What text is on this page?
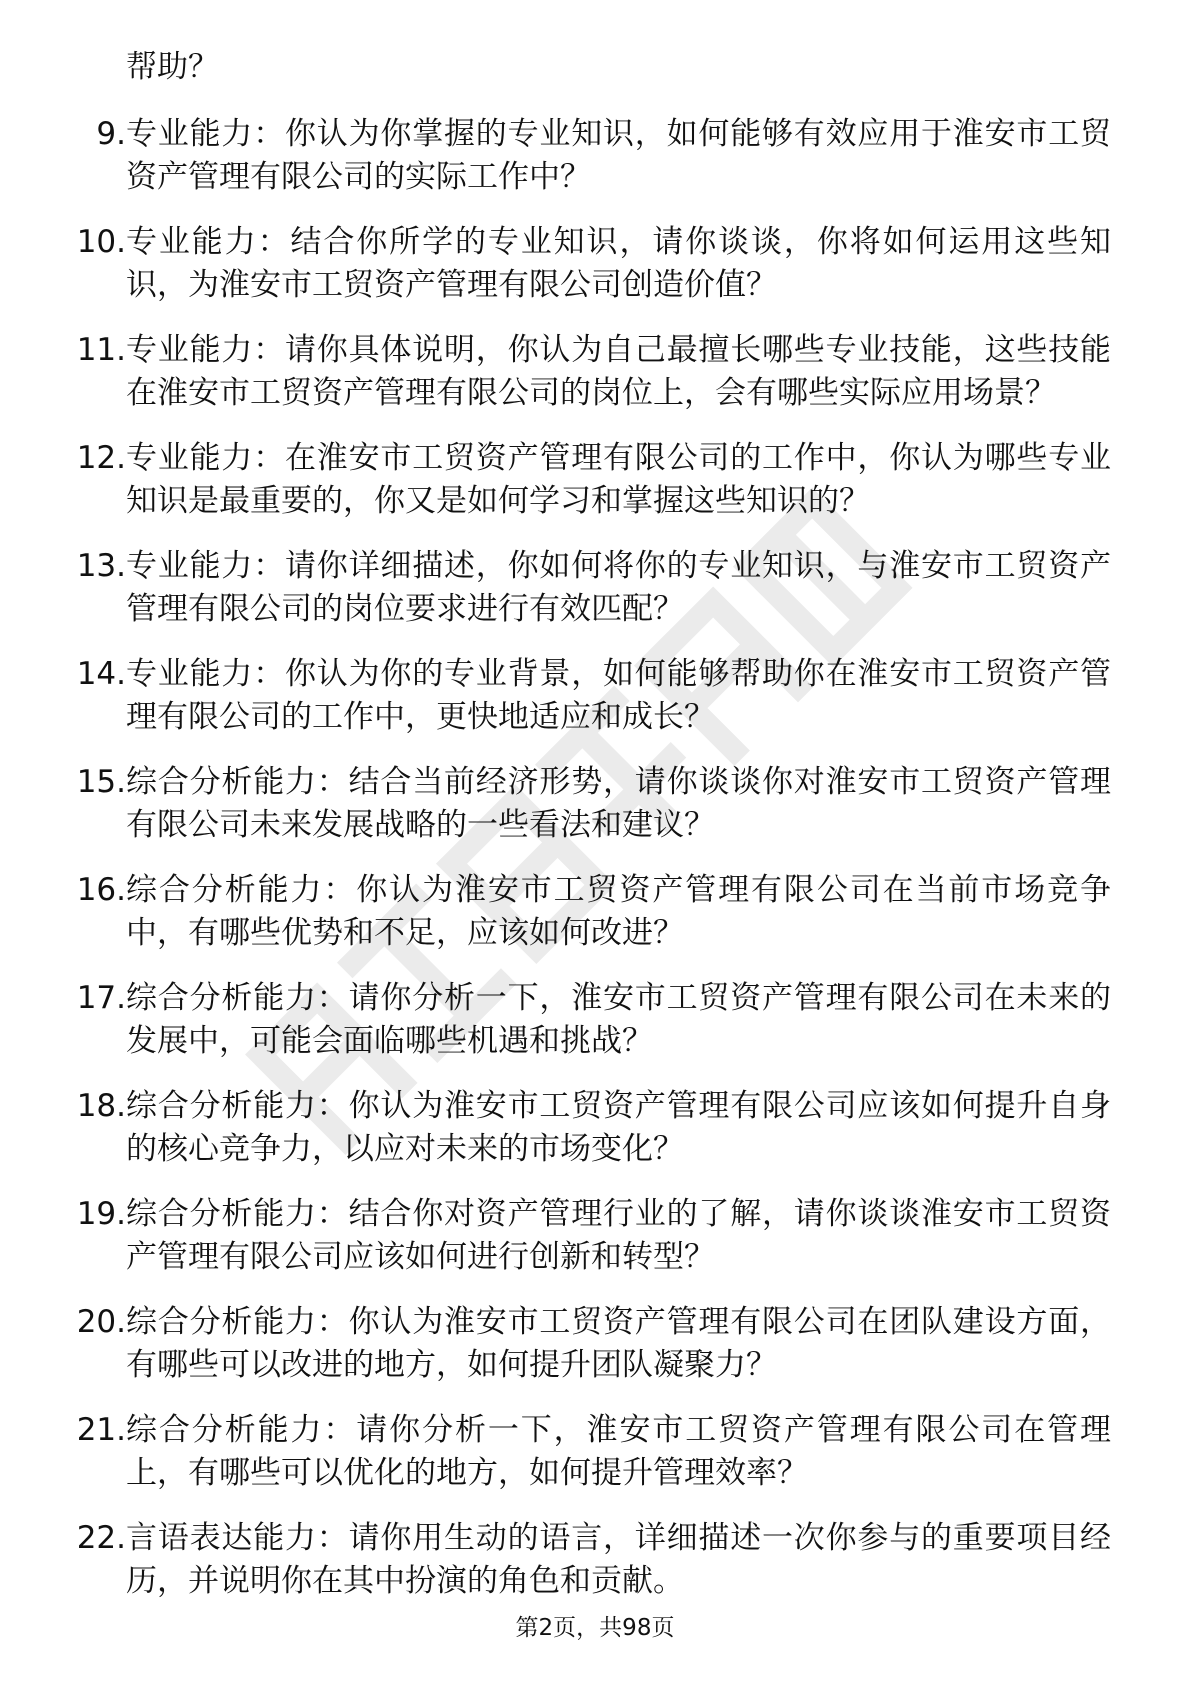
帮助？
9. 专业能力：你认为你掌握的专业知识，如何能够有效应用于淮安市工贸资产管理有限公司的实际工作中？
10. 专业能力：结合你所学的专业知识，请你谈谈，你将如何运用这些知识，为淮安市工贸资产管理有限公司创造价值？
11. 专业能力：请你具体说明，你认为自己最擅长哪些专业技能，这些技能在淮安市工贸资产管理有限公司的岗位上，会有哪些实际应用场景？
12. 专业能力：在淮安市工贸资产管理有限公司的工作中，你认为哪些专业知识是最重要的，你又是如何学习和掌握这些知识的？
13. 专业能力：请你详细描述，你如何将你的专业知识，与淮安市工贸资产管理有限公司的岗位要求进行有效匹配？
14. 专业能力：你认为你的专业背景，如何能够帮助你在淮安市工贸资产管理有限公司的工作中，更快地适应和成长？
15. 综合分析能力：结合当前经济形势，请你谈谈你对淮安市工贸资产管理有限公司未来发展战略的一些看法和建议？
16. 综合分析能力：你认为淮安市工贸资产管理有限公司在当前市场竞争中，有哪些优势和不足，应该如何改进？
17. 综合分析能力：请你分析一下，淮安市工贸资产管理有限公司在未来的发展中，可能会面临哪些机遇和挑战？
18. 综合分析能力：你认为淮安市工贸资产管理有限公司应该如何提升自身的核心竞争力，以应对未来的市场变化？
19. 综合分析能力：结合你对资产管理行业的了解，请你谈谈淮安市工贸资产管理有限公司应该如何进行创新和转型？
20. 综合分析能力：你认为淮安市工贸资产管理有限公司在团队建设方面，有哪些可以改进的地方，如何提升团队凝聚力？
21. 综合分析能力：请你分析一下，淮安市工贸资产管理有限公司在管理上，有哪些可以优化的地方，如何提升管理效率？
22. 言语表达能力：请你用生动的语言，详细描述一次你参与的重要项目经历，并说明你在其中扮演的角色和贡献。
第2页，共98页
